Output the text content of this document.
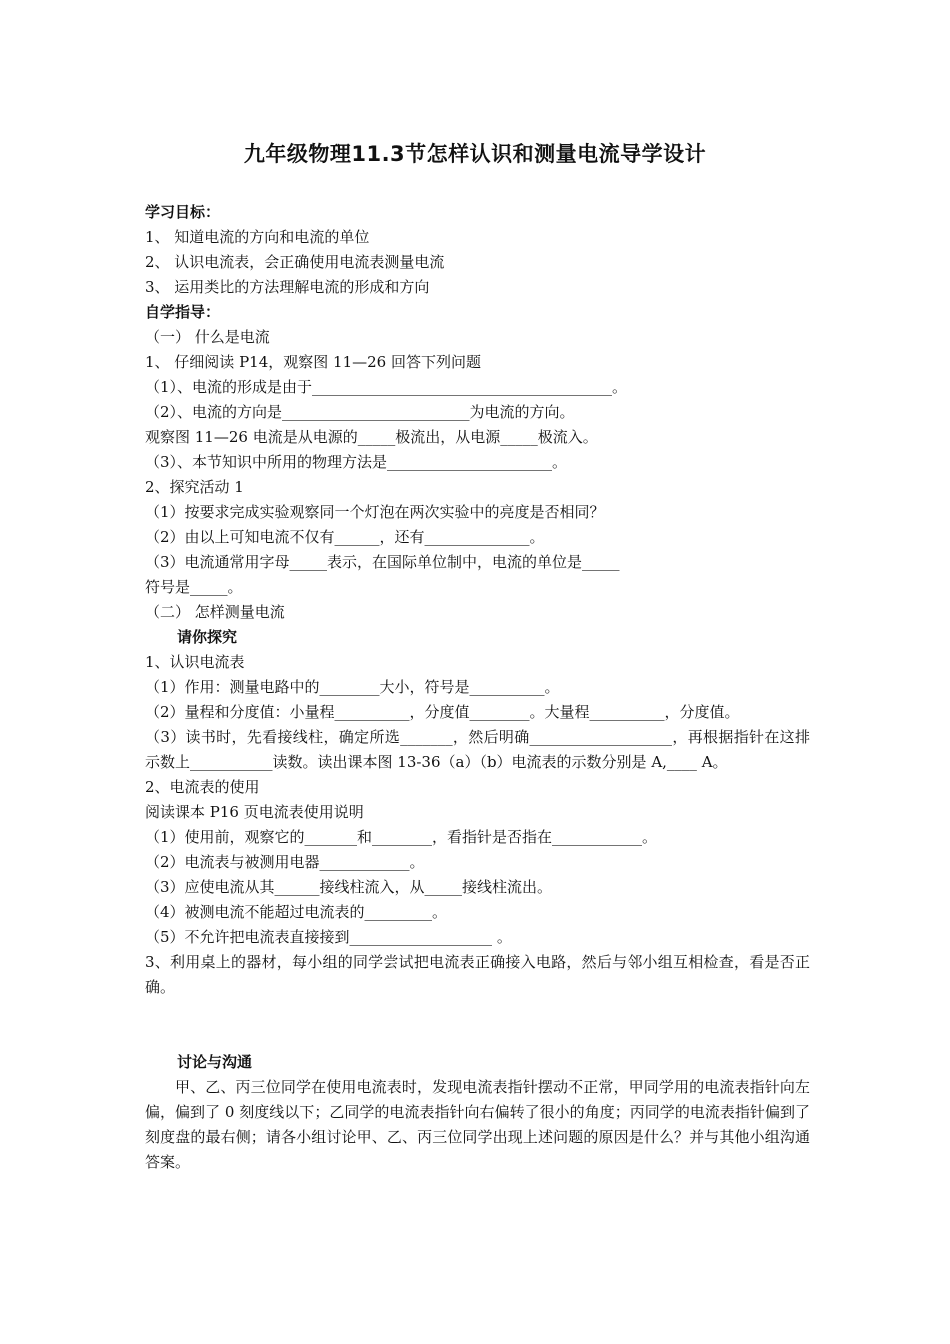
九年级物理11.3节怎样认识和测量电流导学设计
学习目标：
1、 知道电流的方向和电流的单位
2、 认识电流表，会正确使用电流表测量电流
3、 运用类比的方法理解电流的形成和方向
自学指导：
（一） 什么是电流
1、 仔细阅读 P14，观察图 11—26 回答下列问题
（1）、电流的形成是由于________________________________________。
（2）、电流的方向是_________________________为电流的方向。
观察图 11—26 电流是从电源的_____极流出，从电源_____极流入。
（3）、本节知识中所用的物理方法是______________________。
2、探究活动 1
（1）按要求完成实验观察同一个灯泡在两次实验中的亮度是否相同？
（2）由以上可知电流不仅有______，还有______________。
（3）电流通常用字母_____表示，在国际单位制中，电流的单位是_____
符号是_____。
（二） 怎样测量电流
请你探究
1、认识电流表
（1）作用：测量电路中的________大小，符号是__________。
（2）量程和分度值：小量程__________，分度值________。大量程__________，分度值。
（3）读书时，先看接线柱，确定所选_______，然后明确___________________，再根据指针在这排示数上___________读数。读出课本图 13-36（a）（b）电流表的示数分别是 A,____ A。
2、电流表的使用
阅读课本 P16 页电流表使用说明
（1）使用前，观察它的_______和________，看指针是否指在____________。
（2）电流表与被测用电器____________。
（3）应使电流从其______接线柱流入，从_____接线柱流出。
（4）被测电流不能超过电流表的_________。
（5）不允许把电流表直接接到___________________ 。
3、利用桌上的器材，每小组的同学尝试把电流表正确接入电路，然后与邻小组互相检查，看是否正确。
讨论与沟通
甲、乙、丙三位同学在使用电流表时，发现电流表指针摆动不正常，甲同学用的电流表指针向左偏，偏到了 0 刻度线以下；乙同学的电流表指针向右偏转了很小的角度；丙同学的电流表指针偏到了刻度盘的最右侧；请各小组讨论甲、乙、丙三位同学出现上述问题的原因是什么？并与其他小组沟通答案。
